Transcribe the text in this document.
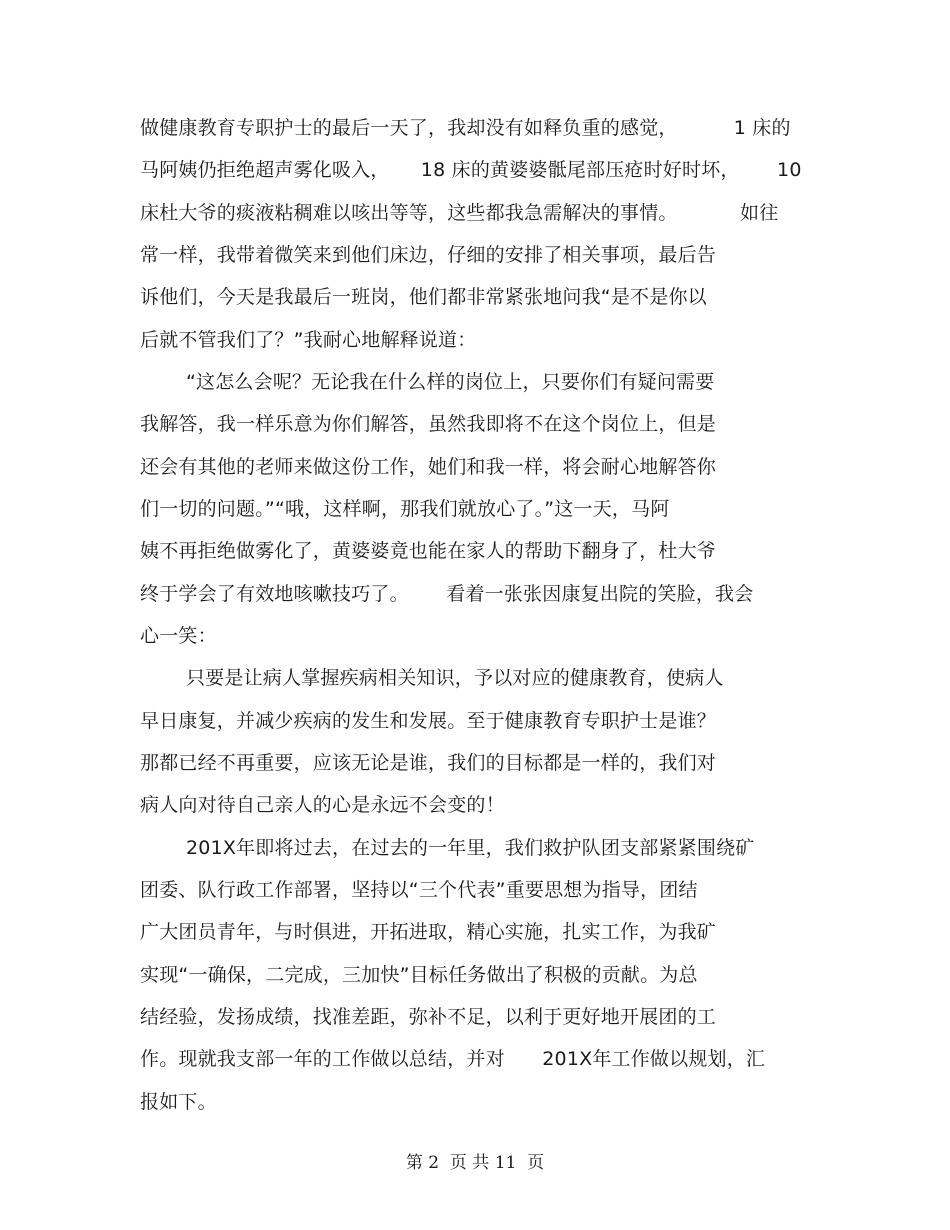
做健康教育专职护士的最后一天了，我却没有如释负重的感觉，         1 床的
马阿姨仍拒绝超声雾化吸入，     18 床的黄婆婆骶尾部压疮时好时坏，      10
床杜大爷的痰液粘稠难以咳出等等，这些都我急需解决的事情。          如往
常一样，我带着微笑来到他们床边，仔细的安排了相关事项，最后告
诉他们，今天是我最后一班岗，他们都非常紧张地问我“是不是你以
后就不管我们了？”我耐心地解释说道：
“这怎么会呢？无论我在什么样的岗位上，只要你们有疑问需要
我解答，我一样乐意为你们解答，虽然我即将不在这个岗位上，但是
还会有其他的老师来做这份工作，她们和我一样，将会耐心地解答你
们一切的问题。”“哦，这样啊，那我们就放心了。”这一天，马阿
姨不再拒绝做雾化了，黄婆婆竟也能在家人的帮助下翻身了，杜大爷
终于学会了有效地咳嗽技巧了。      看着一张张因康复出院的笑脸，我会
心一笑：
只要是让病人掌握疾病相关知识，予以对应的健康教育，使病人
早日康复，并减少疾病的发生和发展。至于健康教育专职护士是谁？
那都已经不再重要，应该无论是谁，我们的目标都是一样的，我们对
病人向对待自己亲人的心是永远不会变的！
201X年即将过去，在过去的一年里，我们救护队团支部紧紧围绕矿
团委、队行政工作部署，坚持以“三个代表”重要思想为指导，团结
广大团员青年，与时俱进，开拓进取，精心实施，扎实工作，为我矿
实现“一确保，二完成，三加快”目标任务做出了积极的贡献。为总
结经验，发扬成绩，找准差距，弥补不足，以利于更好地开展团的工
作。现就我支部一年的工作做以总结，并对      201X年工作做以规划，汇
报如下。
第 2  页 共 11  页
